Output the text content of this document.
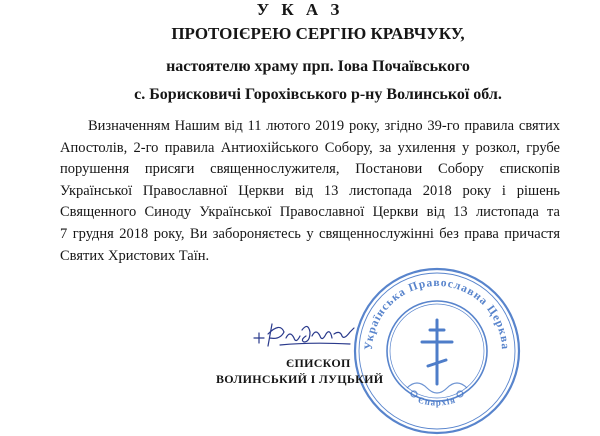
У К А З
ПРОТОІЄРЕЮ СЕРГІЮ КРАВЧУКУ,
настоятелю храму прп. Іова Почаївського
с. Борисковичі Горохівського р-ну Волинської обл.
Визначенням Нашим від 11 лютого 2019 року, згідно 39-го правила святих
Апостолів, 2-го правила Антиохійського Собору, за ухилення у розкол, грубе
порушення присяги священнослужителя, Постанови Собору єпископів
Української Православної Церкви від 13 листопада 2018 року і рішень
Священного Синоду Української Православної Церкви від 13 листопада та
7 грудня 2018 року, Ви забороняєтесь у священнослужінні без права причастя
Святих Христових Таїн.
Українська Православна Церква
Єпархія
ЄПИСКОП
ВОЛИНСЬКИЙ І ЛУЦЬКИЙ
